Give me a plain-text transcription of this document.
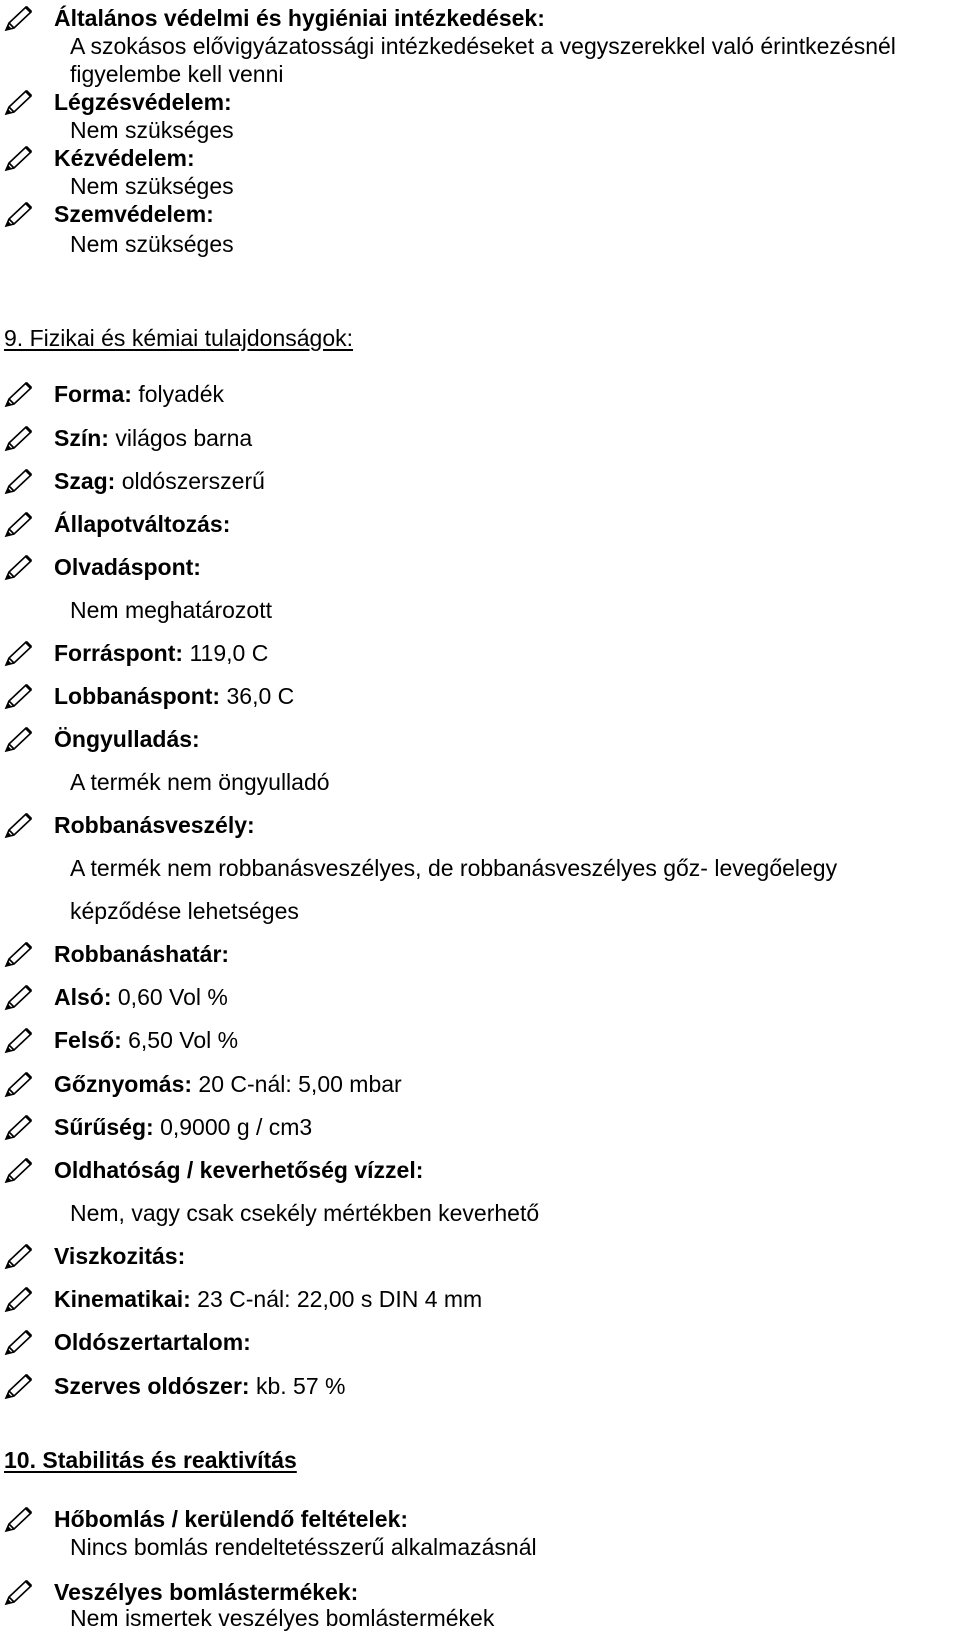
Általános védelmi és hygiéniai intézkedések:
A szokásos elővigyázatossági intézkedéseket a vegyszerekkel való érintkezésnél
figyelembe kell venni
Légzésvédelem:
Nem szükséges
Kézvédelem:
Nem szükséges
Szemvédelem:
Nem szükséges
9. Fizikai és kémiai tulajdonságok:
Forma: folyadék
Szín: világos barna
Szag: oldószerszerű
Állapotváltozás:
Olvadáspont:
Nem meghatározott
Forráspont: 119,0 C
Lobbanáspont: 36,0 C
Öngyulladás:
A termék nem öngyulladó
Robbanásveszély:
A termék nem robbanásveszélyes, de robbanásveszélyes gőz- levegőelegy
képződése lehetséges
Robbanáshatár:
Alsó: 0,60 Vol %
Felső: 6,50 Vol %
Gőznyomás: 20 C-nál: 5,00 mbar
Sűrűség: 0,9000 g / cm3
Oldhatóság / keverhetőség vízzel:
Nem, vagy csak csekély mértékben keverhető
Viszkozitás:
Kinematikai: 23 C-nál: 22,00 s DIN 4 mm
Oldószertartalom:
Szerves oldószer: kb. 57 %
10. Stabilitás és reaktivítás
Hőbomlás / kerülendő feltételek:
Nincs bomlás rendeltetésszerű alkalmazásnál
Veszélyes bomlástermékek:
Nem ismertek veszélyes bomlástermékek
